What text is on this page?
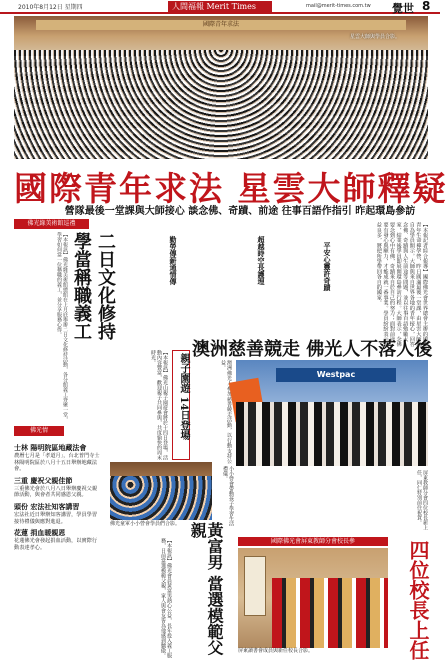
2010年8月12日 星期四	人間福報 Merit Times	mail@merit-times.com.tw 覺世 8
國際青年求法
星雲大師與學員合影。
國際青年求法 星雲大師釋疑
營隊最後一堂課與大師接心 談念佛、奇蹟、前途 往事百語作指引 昨起環島參訪
佛光緣美術館巡禮
二日文化修持
學當稱職義工
【本報訊】佛光緣美術館總館在上月底舉辦二日文化修持活動，各分館義工齊聚一堂，學習如何當一位稱職的義工，並分享服務心得。
佛光情
士林 陽明院區地藏法會

農曆七月是「孝道月」，台北普門寺士林陽明院區於八月十五日舉辦地藏法會。

三重 慶祝父親佳節

三重佛光會於八月八日舉辦慶祝父親節活動，與會者共同感恩父親。

頭份 宏法社知客講習

宏法社近日舉辦知客講習，學員學習接待禮儀與應對進退。

花蓮 捐血暖親恩

花蓮佛光會發起捐血活動，以實際行動表達孝心。

【本報記者綜合報導】國際佛光會世界總會主辦的國際青年生命禪學營，昨日圓滿最後一堂課，由星雲大師親自為學員開示。大師與來自世界各地的青年接心，回答念佛、奇蹟與人生前途等問題，並以往事百語勉勵大家，結業後學員即展開環島參訪行程。大師表示，念佛要念到心中有佛，奇蹟來自於自己的努力；面對前途，要有發心與願力，才能成就一番事業。學員紛紛表示受益良多，將把所學帶回各自的國家。
平安心靈許奇蹟
超越時空長護理
勤勞傳薪通情傳
澳洲慈善競走 佛光人不落人後
澳洲佛光人參加慈善競走活動，以行動支持公益。
Westpac
親子園遊 14日登場
【本報訊】佛光山親子園遊會將於十四日登場，活動內容豐富，歡迎親子共同參與，共度愉快的周末時光。
佛光童軍小小營會學員們合影。	小小營會帶動孩子學習生活禮儀。
黃富男 當選模範父親
【本報訊】佛光會員黃富男熱心公益，長年投入義工服務，日前當選模範父親，家人與會友皆為他感到驕傲。
屏東教師分會四位校長新上任，同仁特別前往祝賀。
國際佛光會屏東教師分會校長參
屏東讀書會成員與新任校長合影。	四位校長上任
